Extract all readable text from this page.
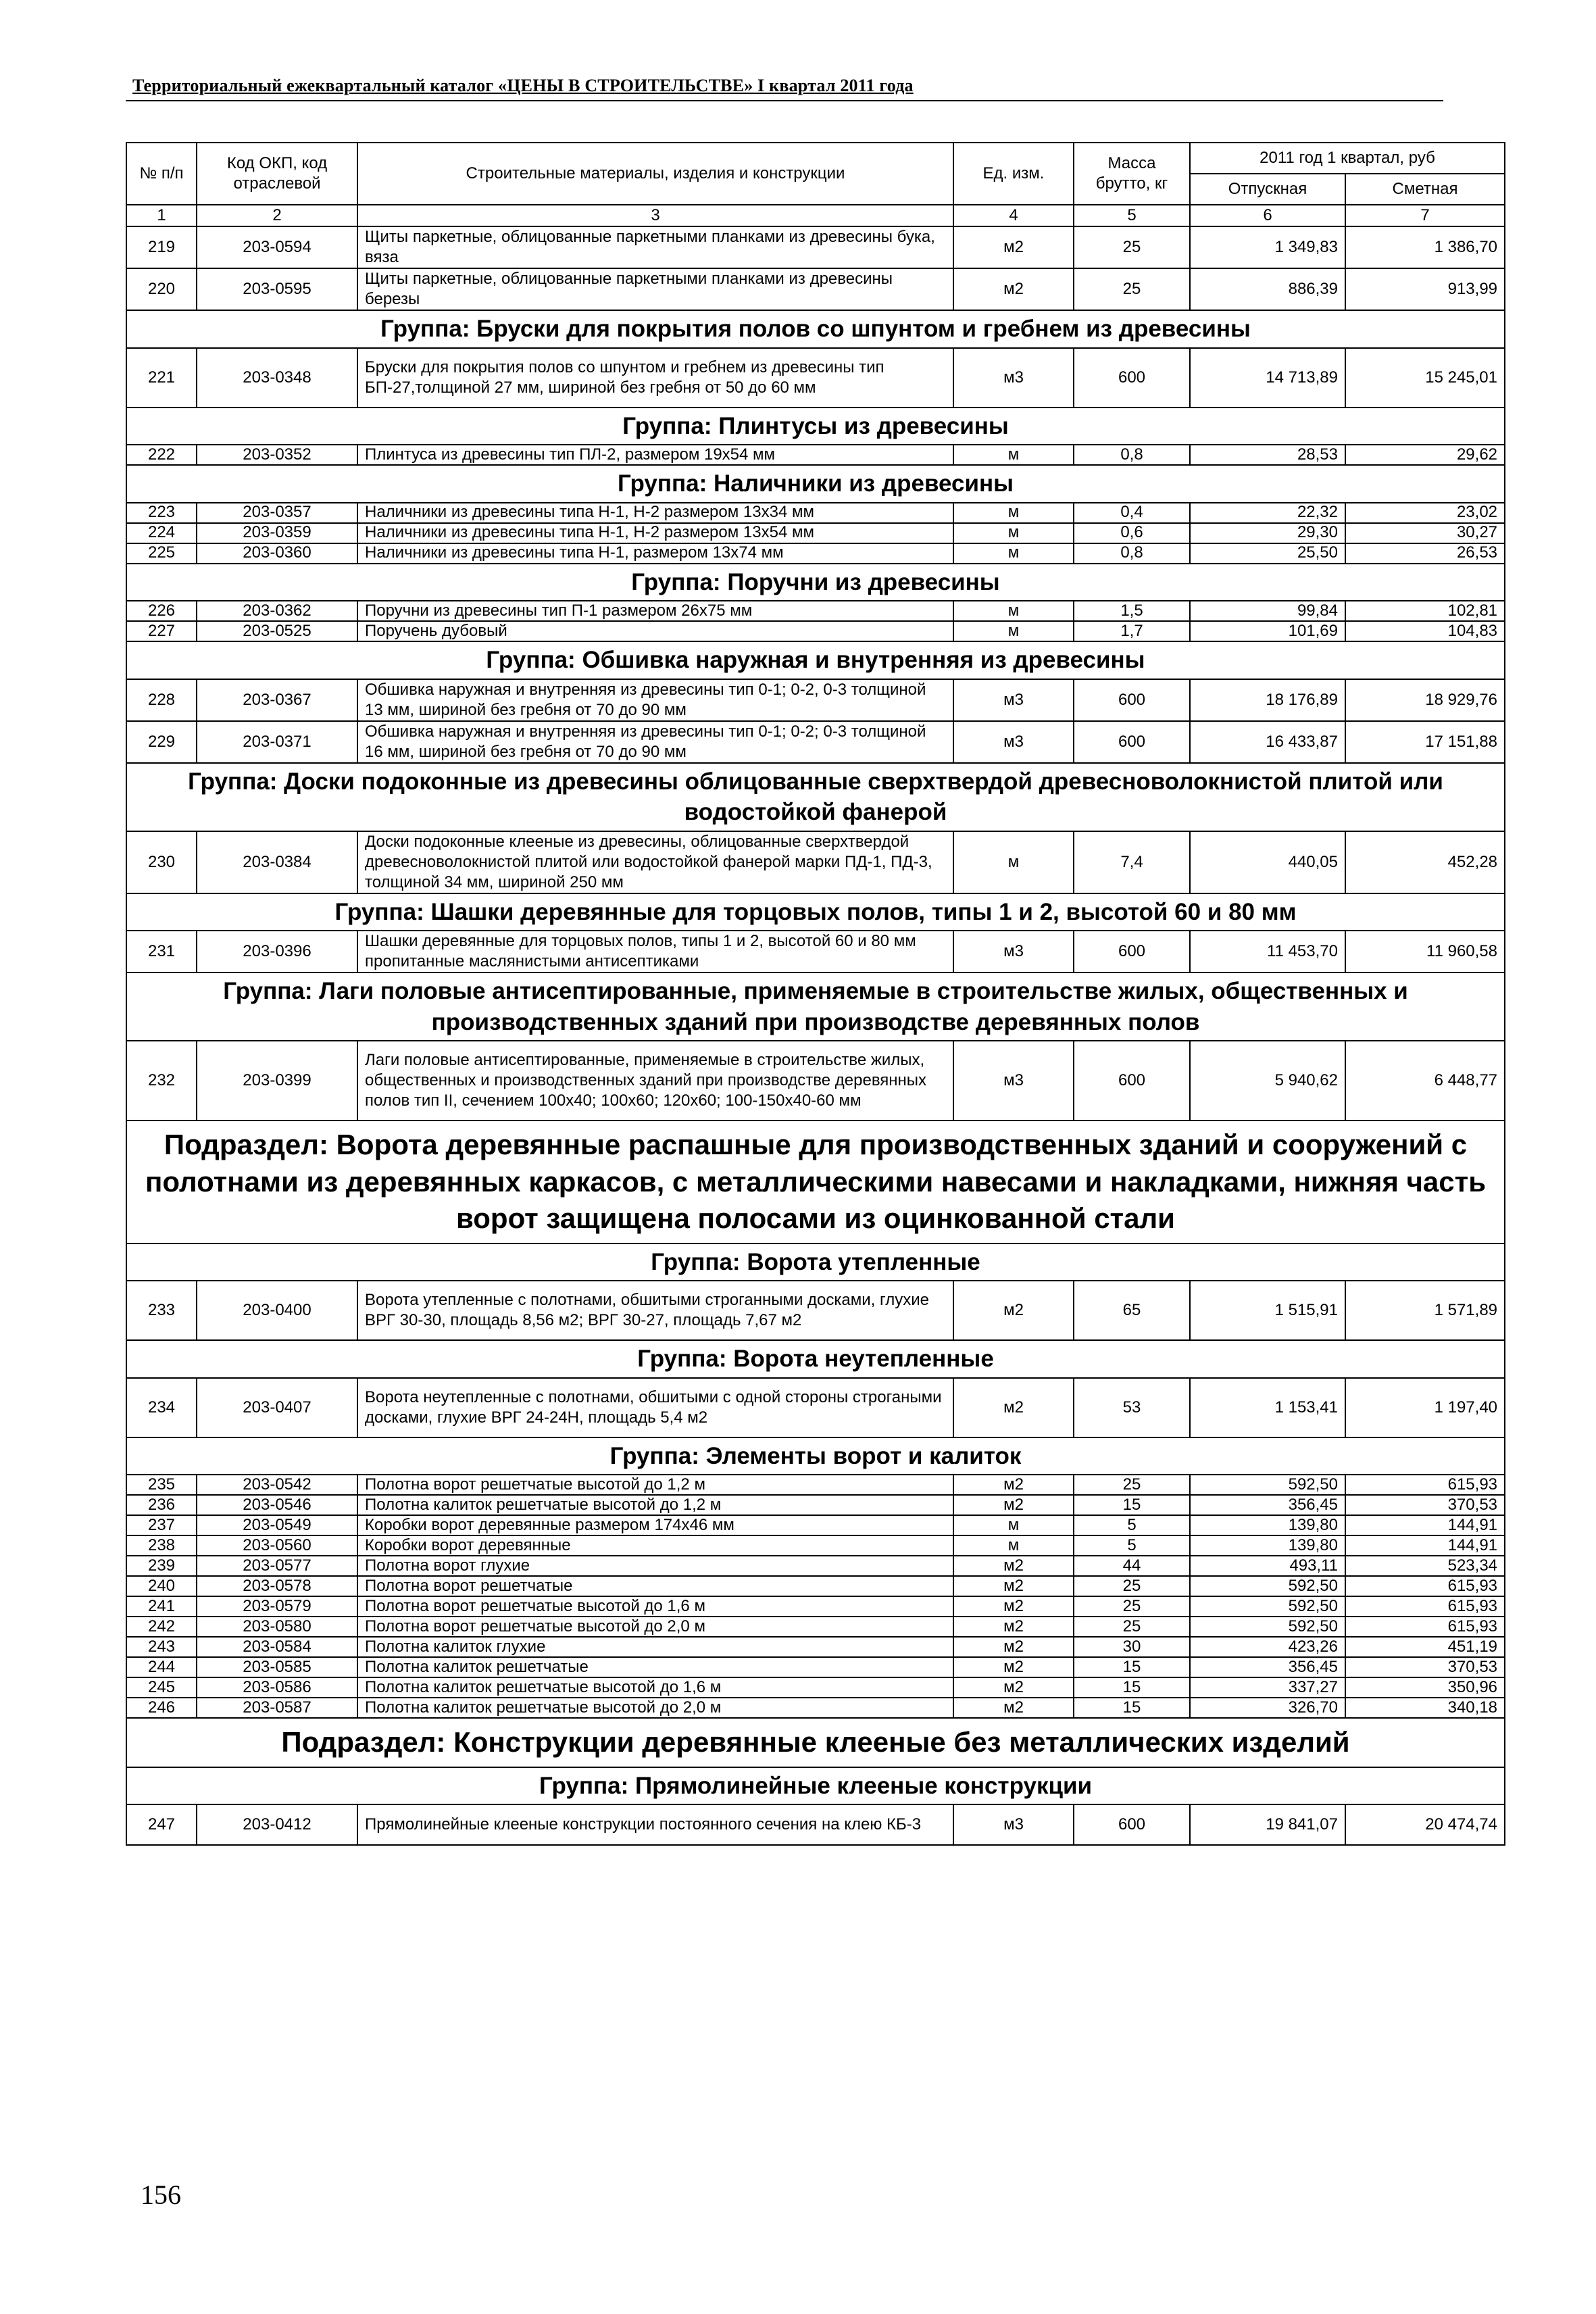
Территориальный ежеквартальный каталог «ЦЕНЫ В СТРОИТЕЛЬСТВЕ» I квартал 2011 года
№ п/п	Код ОКП, код отраслевой	Строительные материалы, изделия и конструкции	Ед. изм.	Масса брутто, кг	2011 год 1 квартал, руб	
					Отпускная	Сметная
1	2	3	4	5	6	7
219	203-0594	Щиты паркетные, облицованные паркетными планками из древесины бука, вяза	м2	25	1 349,83	1 386,70
220	203-0595	Щиты паркетные, облицованные паркетными планками из древесины березы	м2	25	886,39	913,99
Группа: Бруски для покрытия полов со шпунтом и гребнем из древесины						
221	203-0348	Бруски для покрытия полов со шпунтом и гребнем из древесины тип БП-27,толщиной 27 мм, шириной без гребня от 50 до 60 мм	м3	600	14 713,89	15 245,01
Группа: Плинтусы из древесины						
222	203-0352	Плинтуса из древесины тип ПЛ-2, размером 19х54 мм	м	0,8	28,53	29,62
Группа: Наличники из древесины						
223	203-0357	Наличники из древесины типа Н-1, Н-2 размером 13х34 мм	м	0,4	22,32	23,02
224	203-0359	Наличники из древесины типа Н-1, Н-2 размером 13х54 мм	м	0,6	29,30	30,27
225	203-0360	Наличники из древесины типа Н-1, размером 13х74 мм	м	0,8	25,50	26,53
Группа: Поручни из древесины						
226	203-0362	Поручни из древесины тип П-1 размером 26х75 мм	м	1,5	99,84	102,81
227	203-0525	Поручень дубовый	м	1,7	101,69	104,83
Группа: Обшивка наружная и внутренняя из древесины						
228	203-0367	Обшивка наружная и внутренняя из древесины тип 0-1; 0-2, 0-3 толщиной 13 мм, шириной без гребня от 70 до 90 мм	м3	600	18 176,89	18 929,76
229	203-0371	Обшивка наружная и внутренняя из древесины тип 0-1; 0-2; 0-3 толщиной 16 мм, шириной без гребня от 70 до 90 мм	м3	600	16 433,87	17 151,88
Группа: Доски подоконные из древесины облицованные сверхтвердой древесноволокнистой плитой или водостойкой фанерой						
230	203-0384	Доски подоконные клееные из древесины, облицованные сверхтвердой древесноволокнистой плитой или водостойкой фанерой марки ПД-1, ПД-3, толщиной 34 мм, шириной 250 мм	м	7,4	440,05	452,28
Группа: Шашки деревянные для торцовых полов, типы 1 и 2, высотой 60 и 80 мм						
231	203-0396	Шашки деревянные для торцовых полов, типы 1 и 2, высотой 60 и 80 мм пропитанные маслянистыми антисептиками	м3	600	11 453,70	11 960,58
Группа: Лаги половые антисептированные, применяемые в строительстве жилых, общественных и производственных зданий при производстве деревянных полов						
232	203-0399	Лаги половые антисептированные, применяемые в строительстве жилых, общественных и производственных зданий при производстве деревянных полов тип II, сечением 100х40; 100х60; 120х60; 100-150х40-60 мм	м3	600	5 940,62	6 448,77
Подраздел: Ворота деревянные распашные для производственных зданий и сооружений с полотнами из деревянных каркасов, с металлическими навесами и накладками, нижняя часть ворот защищена полосами из оцинкованной стали						
Группа: Ворота утепленные						
233	203-0400	Ворота утепленные с полотнами, обшитыми строганными досками, глухие ВРГ 30-30, площадь 8,56 м2; ВРГ 30-27, площадь 7,67 м2	м2	65	1 515,91	1 571,89
Группа: Ворота неутепленные						
234	203-0407	Ворота неутепленные с полотнами, обшитыми с одной стороны строгаными досками, глухие ВРГ 24-24Н, площадь 5,4 м2	м2	53	1 153,41	1 197,40
Группа: Элементы ворот и калиток						
235	203-0542	Полотна ворот решетчатые высотой до 1,2 м	м2	25	592,50	615,93
236	203-0546	Полотна калиток решетчатые высотой до 1,2 м	м2	15	356,45	370,53
237	203-0549	Коробки ворот деревянные размером 174х46 мм	м	5	139,80	144,91
238	203-0560	Коробки ворот деревянные	м	5	139,80	144,91
239	203-0577	Полотна ворот глухие	м2	44	493,11	523,34
240	203-0578	Полотна ворот решетчатые	м2	25	592,50	615,93
241	203-0579	Полотна ворот решетчатые высотой до 1,6 м	м2	25	592,50	615,93
242	203-0580	Полотна ворот решетчатые высотой до 2,0 м	м2	25	592,50	615,93
243	203-0584	Полотна калиток глухие	м2	30	423,26	451,19
244	203-0585	Полотна калиток решетчатые	м2	15	356,45	370,53
245	203-0586	Полотна калиток решетчатые высотой до 1,6 м	м2	15	337,27	350,96
246	203-0587	Полотна калиток решетчатые высотой до 2,0 м	м2	15	326,70	340,18
Подраздел: Конструкции деревянные клееные без металлических изделий						
Группа: Прямолинейные клееные конструкции						
247	203-0412	Прямолинейные клееные конструкции постоянного сечения на клею КБ-3	м3	600	19 841,07	20 474,74
156
